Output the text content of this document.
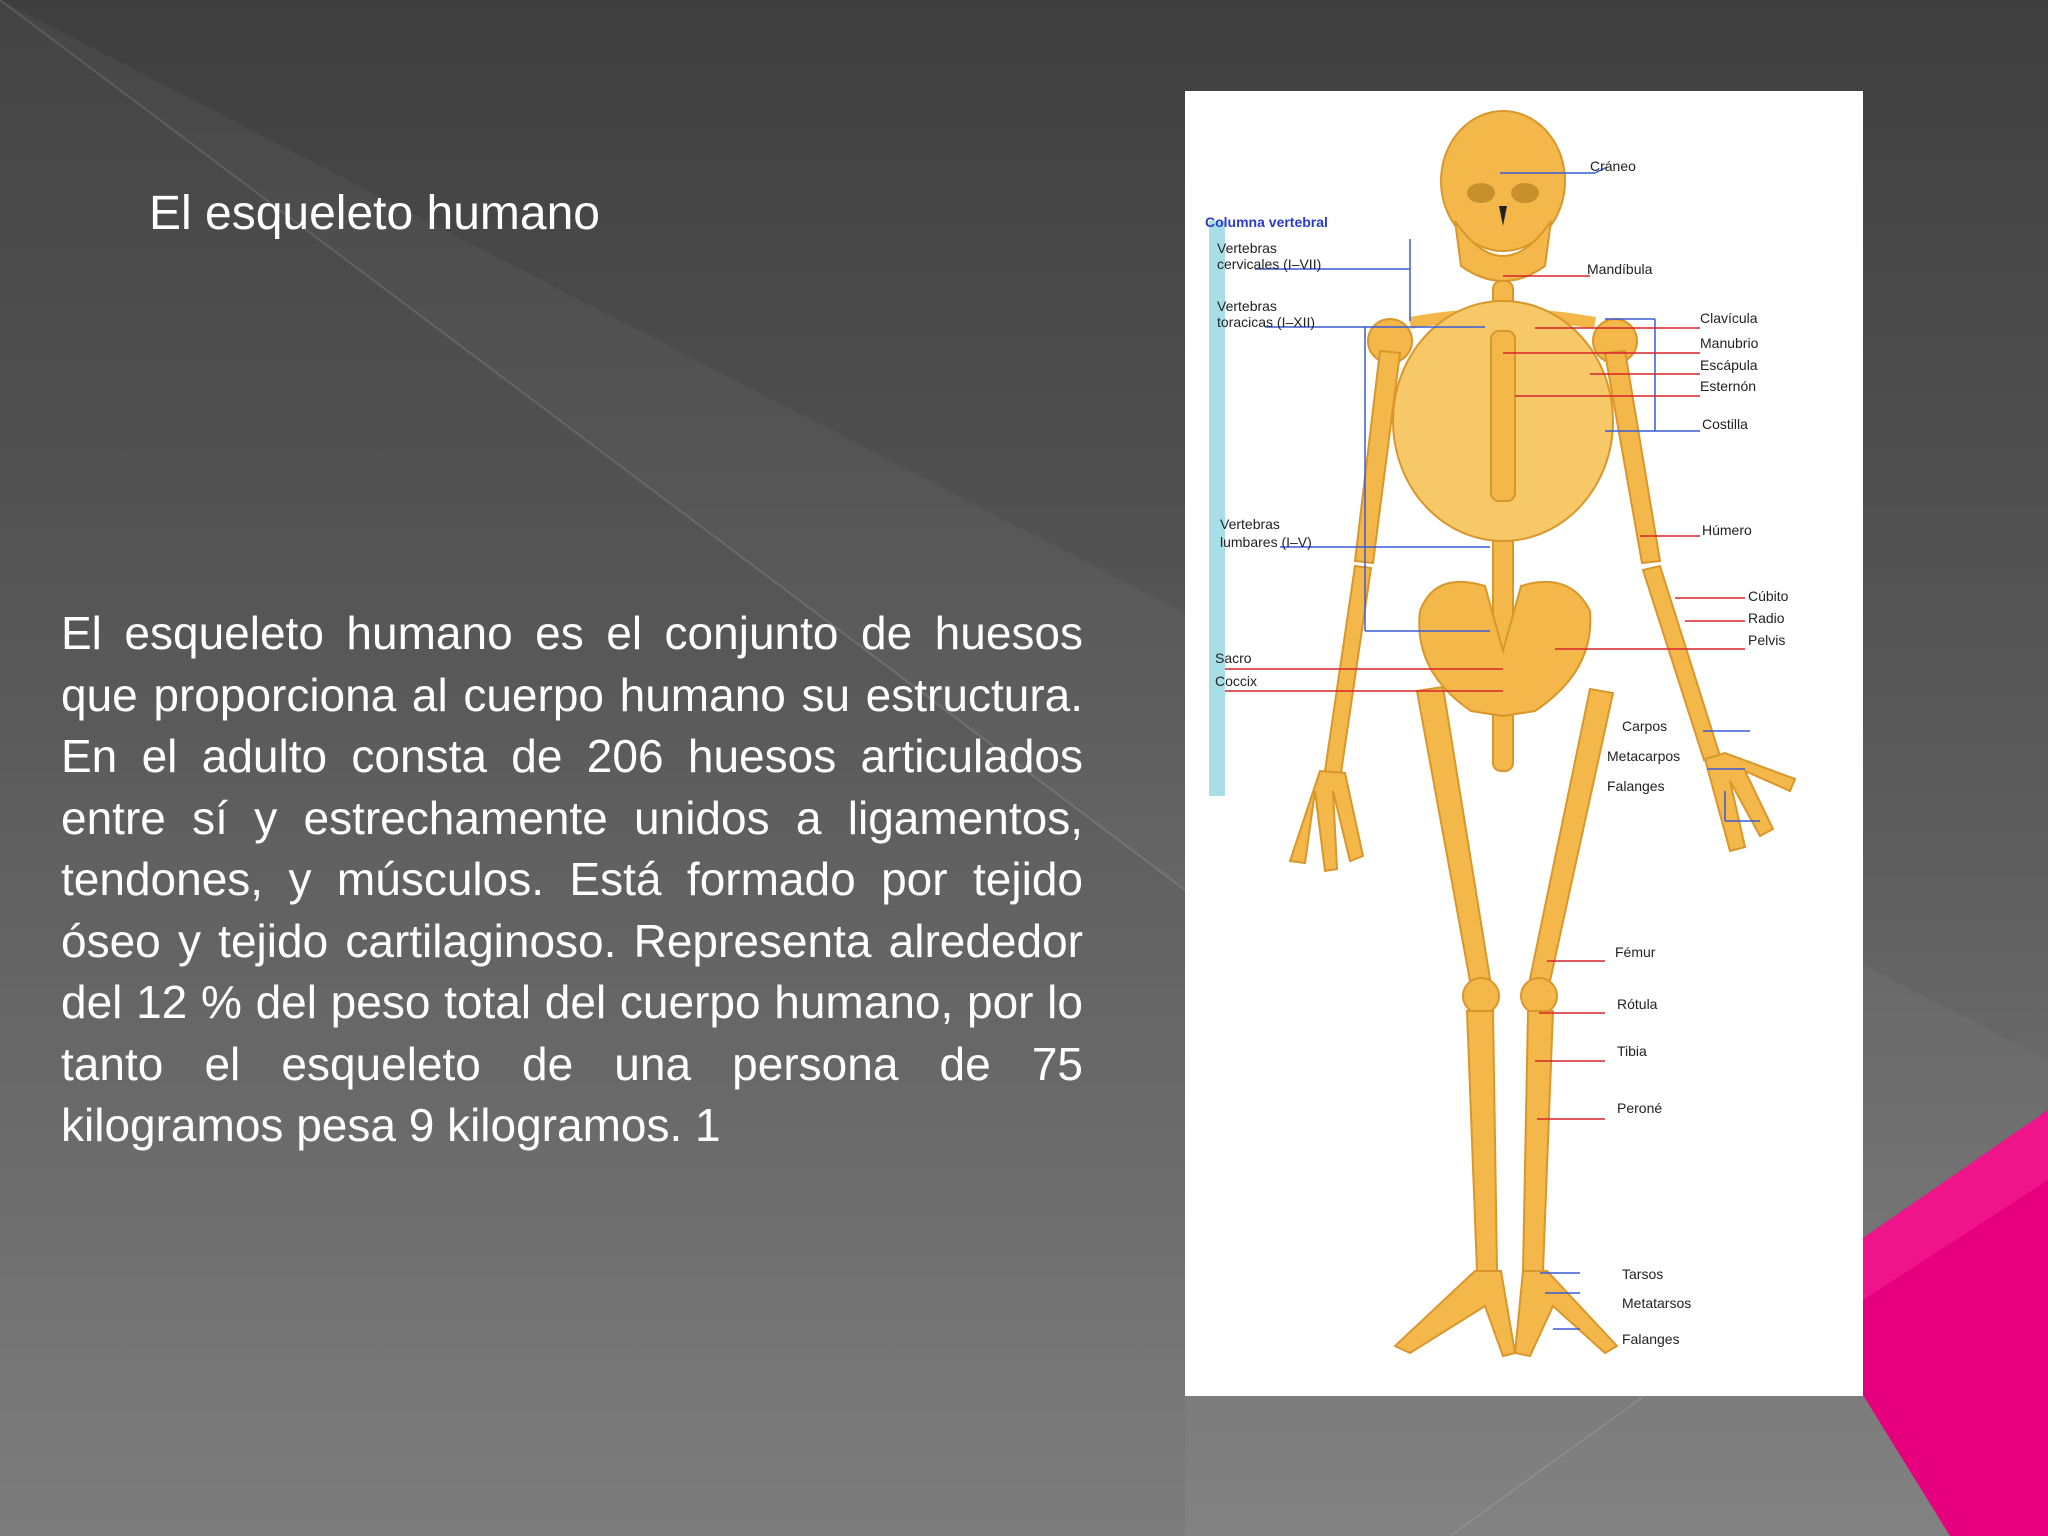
El esqueleto humano
El esqueleto humano es el conjunto de huesos que proporciona al cuerpo humano su estructura. En el adulto consta de 206 huesos articulados entre sí y estrechamente unidos a ligamentos, tendones, y músculos. Está formado por tejido óseo y tejido cartilaginoso. Representa alrededor del 12 % del peso total del cuerpo humano, por lo tanto el esqueleto de una persona de 75 kilogramos pesa 9 kilogramos. 1
Columna vertebral
Vertebras
cervicales (I–VII)
Vertebras
toracicas (I–XII)
Vertebras
lumbares (I–V)
Sacro
Coccix
Cráneo
Mandíbula
Clavícula
Manubrio
Escápula
Esternón
Costilla
Húmero
Cúbito
Radio
Pelvis
Carpos
Metacarpos
Falanges
Fémur
Rótula
Tibia
Peroné
Tarsos
Metatarsos
Falanges
